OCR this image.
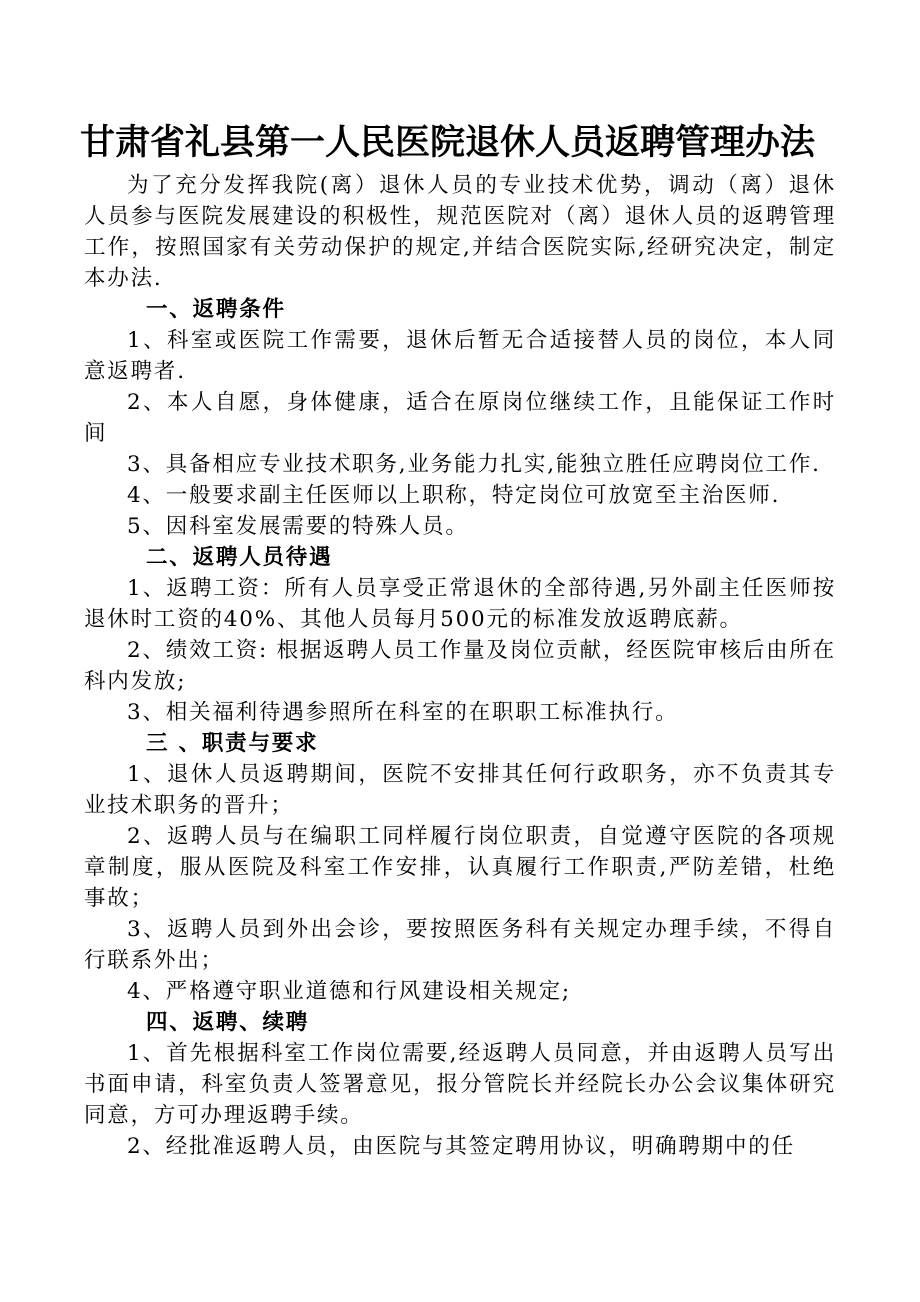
甘肃省礼县第一人民医院退休人员返聘管理办法

为了充分发挥我院(离）退休人员的专业技术优势，调动（离）退休人员参与医院发展建设的积极性，规范医院对（离）退休人员的返聘管理工作，按照国家有关劳动保护的规定,并结合医院实际,经研究决定，制定本办法.

一、返聘条件

1、科室或医院工作需要，退休后暂无合适接替人员的岗位，本人同意返聘者.

2、本人自愿，身体健康，适合在原岗位继续工作，且能保证工作时间

3、具备相应专业技术职务,业务能力扎实,能独立胜任应聘岗位工作.

4、一般要求副主任医师以上职称，特定岗位可放宽至主治医师.

5、因科室发展需要的特殊人员。

二、返聘人员待遇

1、返聘工资：所有人员享受正常退休的全部待遇,另外副主任医师按退休时工资的40%、其他人员每月500元的标准发放返聘底薪。

2、绩效工资: 根据返聘人员工作量及岗位贡献，经医院审核后由所在科内发放;

3、相关福利待遇参照所在科室的在职职工标准执行。

三 、职责与要求

1、退休人员返聘期间，医院不安排其任何行政职务，亦不负责其专业技术职务的晋升；

2、返聘人员与在编职工同样履行岗位职责，自觉遵守医院的各项规章制度，服从医院及科室工作安排，认真履行工作职责,严防差错，杜绝事故；

3、返聘人员到外出会诊，要按照医务科有关规定办理手续，不得自行联系外出；

4、严格遵守职业道德和行风建设相关规定;

四、返聘、续聘

1、首先根据科室工作岗位需要,经返聘人员同意，并由返聘人员写出书面申请，科室负责人签署意见，报分管院长并经院长办公会议集体研究同意，方可办理返聘手续。

2、经批准返聘人员，由医院与其签定聘用协议，明确聘期中的任
